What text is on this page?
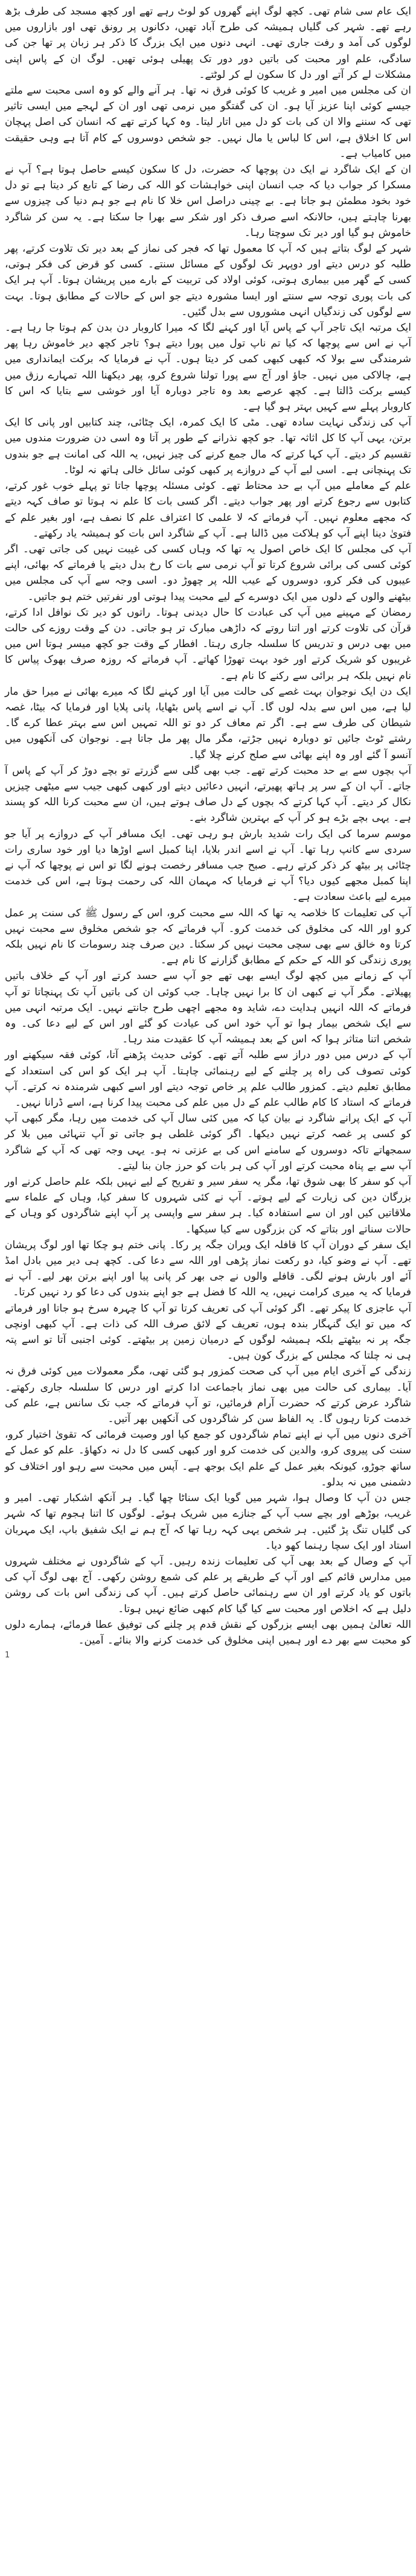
ایک عام سی شام تھی۔ کچھ لوگ اپنے گھروں کو لوٹ رہے تھے اور کچھ مسجد کی طرف بڑھ رہے تھے۔ شہر کی گلیاں ہمیشہ کی طرح آباد تھیں، دکانوں پر رونق تھی اور بازاروں میں لوگوں کی آمد و رفت جاری تھی۔ انہی دنوں میں ایک بزرگ کا ذکر ہر زبان پر تھا جن کی سادگی، علم اور محبت کی باتیں دور دور تک پھیلی ہوئی تھیں۔ لوگ ان کے پاس اپنی مشکلات لے کر آتے اور دل کا سکون لے کر لوٹتے۔

ان کی مجلس میں امیر و غریب کا کوئی فرق نہ تھا۔ ہر آنے والے کو وہ اسی محبت سے ملتے جیسے کوئی اپنا عزیز آیا ہو۔ ان کی گفتگو میں نرمی تھی اور ان کے لہجے میں ایسی تاثیر تھی کہ سننے والا ان کی بات کو دل میں اتار لیتا۔ وہ کہا کرتے تھے کہ انسان کی اصل پہچان اس کا اخلاق ہے، اس کا لباس یا مال نہیں۔ جو شخص دوسروں کے کام آتا ہے وہی حقیقت میں کامیاب ہے۔

ان کے ایک شاگرد نے ایک دن پوچھا کہ حضرت، دل کا سکون کیسے حاصل ہوتا ہے؟ آپ نے مسکرا کر جواب دیا کہ جب انسان اپنی خواہشات کو اللہ کی رضا کے تابع کر دیتا ہے تو دل خود بخود مطمئن ہو جاتا ہے۔ بے چینی دراصل اس خلا کا نام ہے جو ہم دنیا کی چیزوں سے بھرنا چاہتے ہیں، حالانکہ اسے صرف ذکر اور شکر سے بھرا جا سکتا ہے۔ یہ سن کر شاگرد خاموش ہو گیا اور دیر تک سوچتا رہا۔

شہر کے لوگ بتاتے ہیں کہ آپ کا معمول تھا کہ فجر کی نماز کے بعد دیر تک تلاوت کرتے، پھر طلبہ کو درس دیتے اور دوپہر تک لوگوں کے مسائل سنتے۔ کسی کو قرض کی فکر ہوتی، کسی کے گھر میں بیماری ہوتی، کوئی اولاد کی تربیت کے بارے میں پریشان ہوتا۔ آپ ہر ایک کی بات پوری توجہ سے سنتے اور ایسا مشورہ دیتے جو اس کے حالات کے مطابق ہوتا۔ بہت سے لوگوں کی زندگیاں انہی مشوروں سے بدل گئیں۔

ایک مرتبہ ایک تاجر آپ کے پاس آیا اور کہنے لگا کہ میرا کاروبار دن بدن کم ہوتا جا رہا ہے۔ آپ نے اس سے پوچھا کہ کیا تم ناپ تول میں پورا دیتے ہو؟ تاجر کچھ دیر خاموش رہا پھر شرمندگی سے بولا کہ کبھی کبھی کمی کر دیتا ہوں۔ آپ نے فرمایا کہ برکت ایمانداری میں ہے، چالاکی میں نہیں۔ جاؤ اور آج سے پورا تولنا شروع کرو، پھر دیکھنا اللہ تمہارے رزق میں کیسے برکت ڈالتا ہے۔ کچھ عرصے بعد وہ تاجر دوبارہ آیا اور خوشی سے بتایا کہ اس کا کاروبار پہلے سے کہیں بہتر ہو گیا ہے۔

آپ کی زندگی نہایت سادہ تھی۔ مٹی کا ایک کمرہ، ایک چٹائی، چند کتابیں اور پانی کا ایک برتن، یہی آپ کا کل اثاثہ تھا۔ جو کچھ نذرانے کے طور پر آتا وہ اسی دن ضرورت مندوں میں تقسیم کر دیتے۔ آپ کہا کرتے کہ مال جمع کرنے کی چیز نہیں، یہ اللہ کی امانت ہے جو بندوں تک پہنچانی ہے۔ اسی لیے آپ کے دروازے پر کبھی کوئی سائل خالی ہاتھ نہ لوٹا۔

علم کے معاملے میں آپ بے حد محتاط تھے۔ کوئی مسئلہ پوچھا جاتا تو پہلے خوب غور کرتے، کتابوں سے رجوع کرتے اور پھر جواب دیتے۔ اگر کسی بات کا علم نہ ہوتا تو صاف کہہ دیتے کہ مجھے معلوم نہیں۔ آپ فرماتے کہ لا علمی کا اعتراف علم کا نصف ہے، اور بغیر علم کے فتویٰ دینا اپنے آپ کو ہلاکت میں ڈالنا ہے۔ آپ کے شاگرد اس بات کو ہمیشہ یاد رکھتے۔

آپ کی مجلس کا ایک خاص اصول یہ تھا کہ وہاں کسی کی غیبت نہیں کی جاتی تھی۔ اگر کوئی کسی کی برائی شروع کرتا تو آپ نرمی سے بات کا رخ بدل دیتے یا فرماتے کہ بھائی، اپنے عیبوں کی فکر کرو، دوسروں کے عیب اللہ پر چھوڑ دو۔ اسی وجہ سے آپ کی مجلس میں بیٹھنے والوں کے دلوں میں ایک دوسرے کے لیے محبت پیدا ہوتی اور نفرتیں ختم ہو جاتیں۔

رمضان کے مہینے میں آپ کی عبادت کا حال دیدنی ہوتا۔ راتوں کو دیر تک نوافل ادا کرتے، قرآن کی تلاوت کرتے اور اتنا روتے کہ داڑھی مبارک تر ہو جاتی۔ دن کے وقت روزے کی حالت میں بھی درس و تدریس کا سلسلہ جاری رہتا۔ افطار کے وقت جو کچھ میسر ہوتا اس میں غریبوں کو شریک کرتے اور خود بہت تھوڑا کھاتے۔ آپ فرماتے کہ روزہ صرف بھوک پیاس کا نام نہیں بلکہ ہر برائی سے رکنے کا نام ہے۔

ایک دن ایک نوجوان بہت غصے کی حالت میں آیا اور کہنے لگا کہ میرے بھائی نے میرا حق مار لیا ہے، میں اس سے بدلہ لوں گا۔ آپ نے اسے پاس بٹھایا، پانی پلایا اور فرمایا کہ بیٹا، غصہ شیطان کی طرف سے ہے۔ اگر تم معاف کر دو تو اللہ تمہیں اس سے بہتر عطا کرے گا۔ رشتے ٹوٹ جائیں تو دوبارہ نہیں جڑتے، مگر مال پھر مل جاتا ہے۔ نوجوان کی آنکھوں میں آنسو آ گئے اور وہ اپنے بھائی سے صلح کرنے چلا گیا۔

آپ بچوں سے بے حد محبت کرتے تھے۔ جب بھی گلی سے گزرتے تو بچے دوڑ کر آپ کے پاس آ جاتے۔ آپ ان کے سر پر ہاتھ پھیرتے، انہیں دعائیں دیتے اور کبھی کبھی جیب سے میٹھی چیزیں نکال کر دیتے۔ آپ کہا کرتے کہ بچوں کے دل صاف ہوتے ہیں، ان سے محبت کرنا اللہ کو پسند ہے۔ یہی بچے بڑے ہو کر آپ کے بہترین شاگرد بنے۔

موسم سرما کی ایک رات شدید بارش ہو رہی تھی۔ ایک مسافر آپ کے دروازے پر آیا جو سردی سے کانپ رہا تھا۔ آپ نے اسے اندر بلایا، اپنا کمبل اسے اوڑھا دیا اور خود ساری رات چٹائی پر بیٹھ کر ذکر کرتے رہے۔ صبح جب مسافر رخصت ہونے لگا تو اس نے پوچھا کہ آپ نے اپنا کمبل مجھے کیوں دیا؟ آپ نے فرمایا کہ مہمان اللہ کی رحمت ہوتا ہے، اس کی خدمت میرے لیے باعث سعادت ہے۔

آپ کی تعلیمات کا خلاصہ یہ تھا کہ اللہ سے محبت کرو، اس کے رسول ﷺ کی سنت پر عمل کرو اور اللہ کی مخلوق کی خدمت کرو۔ آپ فرماتے کہ جو شخص مخلوق سے محبت نہیں کرتا وہ خالق سے بھی سچی محبت نہیں کر سکتا۔ دین صرف چند رسومات کا نام نہیں بلکہ پوری زندگی کو اللہ کے حکم کے مطابق گزارنے کا نام ہے۔

آپ کے زمانے میں کچھ لوگ ایسے بھی تھے جو آپ سے حسد کرتے اور آپ کے خلاف باتیں پھیلاتے۔ مگر آپ نے کبھی ان کا برا نہیں چاہا۔ جب کوئی ان کی باتیں آپ تک پہنچاتا تو آپ فرماتے کہ اللہ انہیں ہدایت دے، شاید وہ مجھے اچھی طرح جانتے نہیں۔ ایک مرتبہ انہی میں سے ایک شخص بیمار ہوا تو آپ خود اس کی عیادت کو گئے اور اس کے لیے دعا کی۔ وہ شخص اتنا متاثر ہوا کہ اس کے بعد ہمیشہ آپ کا عقیدت مند رہا۔

آپ کے درس میں دور دراز سے طلبہ آتے تھے۔ کوئی حدیث پڑھنے آتا، کوئی فقہ سیکھنے اور کوئی تصوف کی راہ پر چلنے کے لیے رہنمائی چاہتا۔ آپ ہر ایک کو اس کی استعداد کے مطابق تعلیم دیتے۔ کمزور طالب علم پر خاص توجہ دیتے اور اسے کبھی شرمندہ نہ کرتے۔ آپ فرماتے کہ استاد کا کام طالب علم کے دل میں علم کی محبت پیدا کرنا ہے، اسے ڈرانا نہیں۔

آپ کے ایک پرانے شاگرد نے بیان کیا کہ میں کئی سال آپ کی خدمت میں رہا، مگر کبھی آپ کو کسی پر غصہ کرتے نہیں دیکھا۔ اگر کوئی غلطی ہو جاتی تو آپ تنہائی میں بلا کر سمجھاتے تاکہ دوسروں کے سامنے اس کی بے عزتی نہ ہو۔ یہی وجہ تھی کہ آپ کے شاگرد آپ سے بے پناہ محبت کرتے اور آپ کی ہر بات کو حرز جان بنا لیتے۔

آپ کو سفر کا بھی شوق تھا، مگر یہ سفر سیر و تفریح کے لیے نہیں بلکہ علم حاصل کرنے اور بزرگان دین کی زیارت کے لیے ہوتے۔ آپ نے کئی شہروں کا سفر کیا، وہاں کے علماء سے ملاقاتیں کیں اور ان سے استفادہ کیا۔ ہر سفر سے واپسی پر آپ اپنے شاگردوں کو وہاں کے حالات سناتے اور بتاتے کہ کن بزرگوں سے کیا سیکھا۔

ایک سفر کے دوران آپ کا قافلہ ایک ویران جگہ پر رکا۔ پانی ختم ہو چکا تھا اور لوگ پریشان تھے۔ آپ نے وضو کیا، دو رکعت نماز پڑھی اور اللہ سے دعا کی۔ کچھ ہی دیر میں بادل امڈ آئے اور بارش ہونے لگی۔ قافلے والوں نے جی بھر کر پانی پیا اور اپنے برتن بھر لیے۔ آپ نے فرمایا کہ یہ میری کرامت نہیں، یہ اللہ کا فضل ہے جو اپنے بندوں کی دعا کو رد نہیں کرتا۔

آپ عاجزی کا پیکر تھے۔ اگر کوئی آپ کی تعریف کرتا تو آپ کا چہرہ سرخ ہو جاتا اور فرماتے کہ میں تو ایک گنہگار بندہ ہوں، تعریف کے لائق صرف اللہ کی ذات ہے۔ آپ کبھی اونچی جگہ پر نہ بیٹھتے بلکہ ہمیشہ لوگوں کے درمیان زمین پر بیٹھتے۔ کوئی اجنبی آتا تو اسے پتہ ہی نہ چلتا کہ مجلس کے بزرگ کون ہیں۔

زندگی کے آخری ایام میں آپ کی صحت کمزور ہو گئی تھی، مگر معمولات میں کوئی فرق نہ آیا۔ بیماری کی حالت میں بھی نماز باجماعت ادا کرتے اور درس کا سلسلہ جاری رکھتے۔ شاگرد عرض کرتے کہ حضرت آرام فرمائیں، تو آپ فرماتے کہ جب تک سانس ہے، علم کی خدمت کرتا رہوں گا۔ یہ الفاظ سن کر شاگردوں کی آنکھیں بھر آتیں۔

آخری دنوں میں آپ نے اپنے تمام شاگردوں کو جمع کیا اور وصیت فرمائی کہ تقویٰ اختیار کرو، سنت کی پیروی کرو، والدین کی خدمت کرو اور کبھی کسی کا دل نہ دکھاؤ۔ علم کو عمل کے ساتھ جوڑو، کیونکہ بغیر عمل کے علم ایک بوجھ ہے۔ آپس میں محبت سے رہو اور اختلاف کو دشمنی میں نہ بدلو۔

جس دن آپ کا وصال ہوا، شہر میں گویا ایک سناٹا چھا گیا۔ ہر آنکھ اشکبار تھی۔ امیر و غریب، بوڑھے اور بچے سب آپ کے جنازے میں شریک ہوئے۔ لوگوں کا اتنا ہجوم تھا کہ شہر کی گلیاں تنگ پڑ گئیں۔ ہر شخص یہی کہہ رہا تھا کہ آج ہم نے ایک شفیق باپ، ایک مہربان استاد اور ایک سچا رہنما کھو دیا۔

آپ کے وصال کے بعد بھی آپ کی تعلیمات زندہ رہیں۔ آپ کے شاگردوں نے مختلف شہروں میں مدارس قائم کیے اور آپ کے طریقے پر علم کی شمع روشن رکھی۔ آج بھی لوگ آپ کی باتوں کو یاد کرتے اور ان سے رہنمائی حاصل کرتے ہیں۔ آپ کی زندگی اس بات کی روشن دلیل ہے کہ اخلاص اور محبت سے کیا گیا کام کبھی ضائع نہیں ہوتا۔

اللہ تعالیٰ ہمیں بھی ایسے بزرگوں کے نقش قدم پر چلنے کی توفیق عطا فرمائے، ہمارے دلوں کو محبت سے بھر دے اور ہمیں اپنی مخلوق کی خدمت کرنے والا بنائے۔ آمین۔

1
